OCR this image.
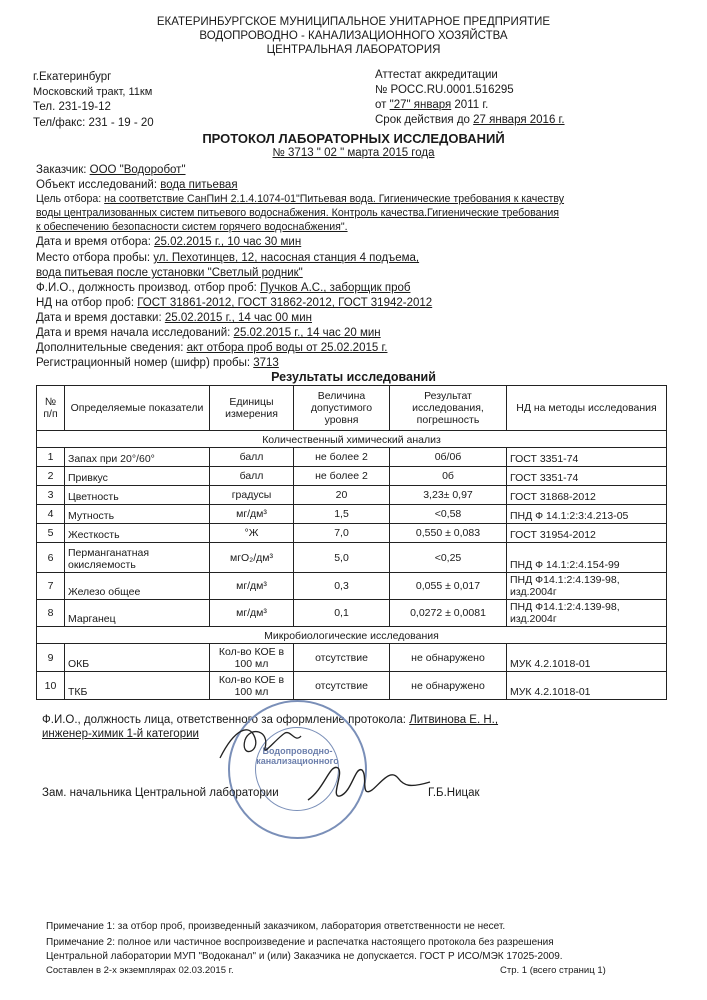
ЕКАТЕРИНБУРГСКОЕ МУНИЦИПАЛЬНОЕ УНИТАРНОЕ ПРЕДПРИЯТИЕ
ВОДОПРОВОДНО - КАНАЛИЗАЦИОННОГО ХОЗЯЙСТВА
ЦЕНТРАЛЬНАЯ ЛАБОРАТОРИЯ
г.Екатеринбург
Московский тракт, 11км
Тел. 231-19-12
Тел/факс: 231 - 19 - 20
Аттестат аккредитации
№ РОСС.RU.0001.516295
от "27" января 2011 г.
Срок действия до 27 января 2016 г.
ПРОТОКОЛ ЛАБОРАТОРНЫХ ИССЛЕДОВАНИЙ
№ 3713 " 02 " марта 2015 года
Заказчик: ООО "Водоробот"
Объект исследований: вода питьевая
Цель отбора: на соответствие СанПиН 2.1.4.1074-01"Питьевая вода. Гигиенические требования к качеству
воды централизованных систем питьевого водоснабжения. Контроль качества.Гигиенические требования
к обеспечению безопасности систем горячего водоснабжения".
Дата и время отбора: 25.02.2015 г., 10 час 30 мин
Место отбора пробы: ул. Пехотинцев, 12, насосная станция 4 подъема,
вода питьевая после установки "Светлый родник"
Ф.И.О., должность производ. отбор проб: Пучков А.С., заборщик проб
НД на отбор проб: ГОСТ 31861-2012, ГОСТ 31862-2012, ГОСТ 31942-2012
Дата и время доставки: 25.02.2015 г., 14 час 00 мин
Дата и время начала исследований: 25.02.2015 г., 14 час 20 мин
Дополнительные сведения: акт отбора проб воды от 25.02.2015 г.
Регистрационный номер (шифр) пробы: 3713
Результаты исследований
№ п/п	Определяемые показатели	Единицы измерения	Величина допустимого уровня	Результат исследования, погрешность	НД на методы исследования
Количественный химический анализ					
1	Запах при 20°/60°	балл	не более 2	0б/0б	ГОСТ 3351-74
2	Привкус	балл	не более 2	0б	ГОСТ 3351-74
3	Цветность	градусы	20	3,23± 0,97	ГОСТ 31868-2012
4	Мутность	мг/дм³	1,5	<0,58	ПНД Ф 14.1:2:3:4.213-05
5	Жесткость	°Ж	7,0	0,550 ± 0,083	ГОСТ 31954-2012
6	Перманганатная окисляемость	мгО₂/дм³	5,0	<0,25	ПНД Ф 14.1:2:4.154-99
7	Железо общее	мг/дм³	0,3	0,055 ± 0,017	ПНД Ф14.1:2:4.139-98, изд.2004г
8	Марганец	мг/дм³	0,1	0,0272 ± 0,0081	ПНД Ф14.1:2:4.139-98, изд.2004г
Микробиологические исследования					
9	ОКБ	Кол-во КОЕ в 100 мл	отсутствие	не обнаружено	МУК 4.2.1018-01
10	ТКБ	Кол-во КОЕ в 100 мл	отсутствие	не обнаружено	МУК 4.2.1018-01
Ф.И.О., должность лица, ответственного за оформление протокола: Литвинова Е. Н.,
инженер-химик 1-й категории
Водопроводно-канализационного
Зам. начальника Центральной лаборатории	Г.Б.Ницак
Примечание 1: за отбор проб, произведенный заказчиком, лаборатория ответственности не несет.
Примечание 2: полное или частичное воспроизведение и распечатка настоящего протокола без разрешения
Центральной лаборатории МУП "Водоканал" и (или) Заказчика не допускается. ГОСТ Р ИСО/МЭК 17025-2009.
Составлен в 2-х экземплярах 02.03.2015 г.	Стр. 1 (всего страниц 1)
